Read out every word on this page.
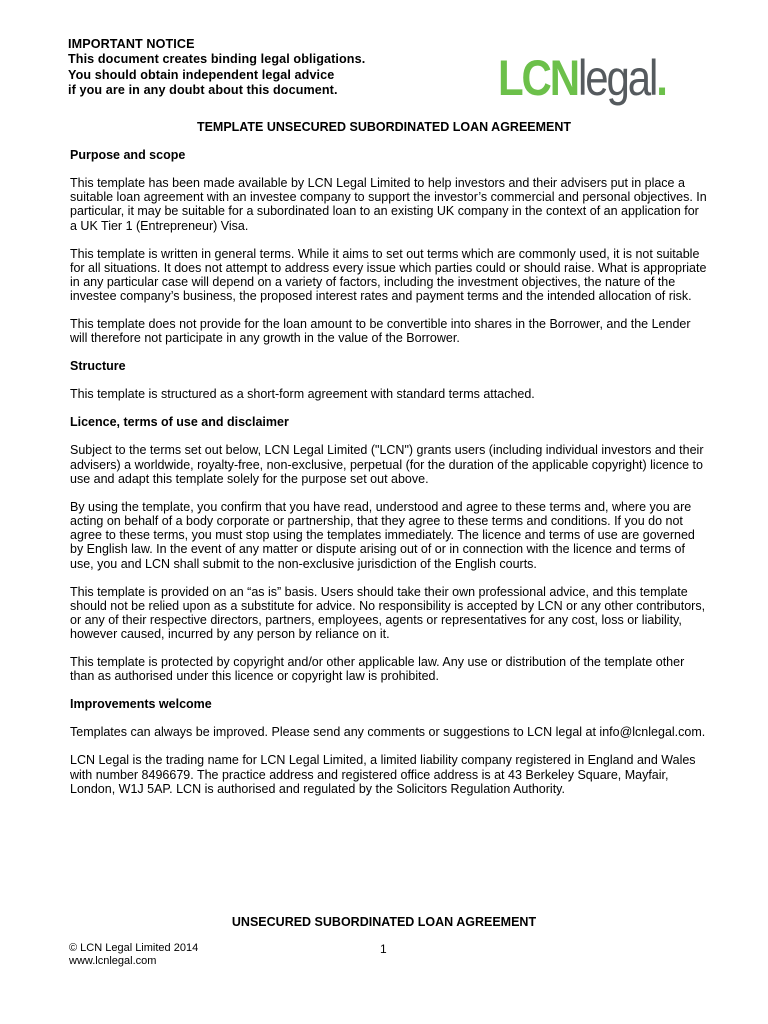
IMPORTANT NOTICE
This document creates binding legal obligations.
You should obtain independent legal advice
if you are in any doubt about this document.	LCNlegal.
TEMPLATE UNSECURED SUBORDINATED LOAN AGREEMENT
Purpose and scope
This template has been made available by LCN Legal Limited to help investors and their advisers put in place a suitable loan agreement with an investee company to support the investor’s commercial and personal objectives. In particular, it may be suitable for a subordinated loan to an existing UK company in the context of an application for a UK Tier 1 (Entrepreneur) Visa.
This template is written in general terms. While it aims to set out terms which are commonly used, it is not suitable for all situations. It does not attempt to address every issue which parties could or should raise. What is appropriate in any particular case will depend on a variety of factors, including the investment objectives, the nature of the investee company’s business, the proposed interest rates and payment terms and the intended allocation of risk.
This template does not provide for the loan amount to be convertible into shares in the Borrower, and the Lender will therefore not participate in any growth in the value of the Borrower.
Structure
This template is structured as a short-form agreement with standard terms attached.
Licence, terms of use and disclaimer
Subject to the terms set out below, LCN Legal Limited ("LCN") grants users (including individual investors and their advisers) a worldwide, royalty-free, non-exclusive, perpetual (for the duration of the applicable copyright) licence to use and adapt this template solely for the purpose set out above.
By using the template, you confirm that you have read, understood and agree to these terms and, where you are acting on behalf of a body corporate or partnership, that they agree to these terms and conditions. If you do not agree to these terms, you must stop using the templates immediately. The licence and terms of use are governed by English law. In the event of any matter or dispute arising out of or in connection with the licence and terms of use, you and LCN shall submit to the non-exclusive jurisdiction of the English courts.
This template is provided on an “as is” basis. Users should take their own professional advice, and this template should not be relied upon as a substitute for advice. No responsibility is accepted by LCN or any other contributors, or any of their respective directors, partners, employees, agents or representatives for any cost, loss or liability, however caused, incurred by any person by reliance on it.
This template is protected by copyright and/or other applicable law. Any use or distribution of the template other than as authorised under this licence or copyright law is prohibited.
Improvements welcome
Templates can always be improved. Please send any comments or suggestions to LCN legal at info@lcnlegal.com.
LCN Legal is the trading name for LCN Legal Limited, a limited liability company registered in England and Wales with number 8496679. The practice address and registered office address is at 43 Berkeley Square, Mayfair, London, W1J 5AP. LCN is authorised and regulated by the Solicitors Regulation Authority.
UNSECURED SUBORDINATED LOAN AGREEMENT
© LCN Legal Limited 2014
www.lcnlegal.com
1
